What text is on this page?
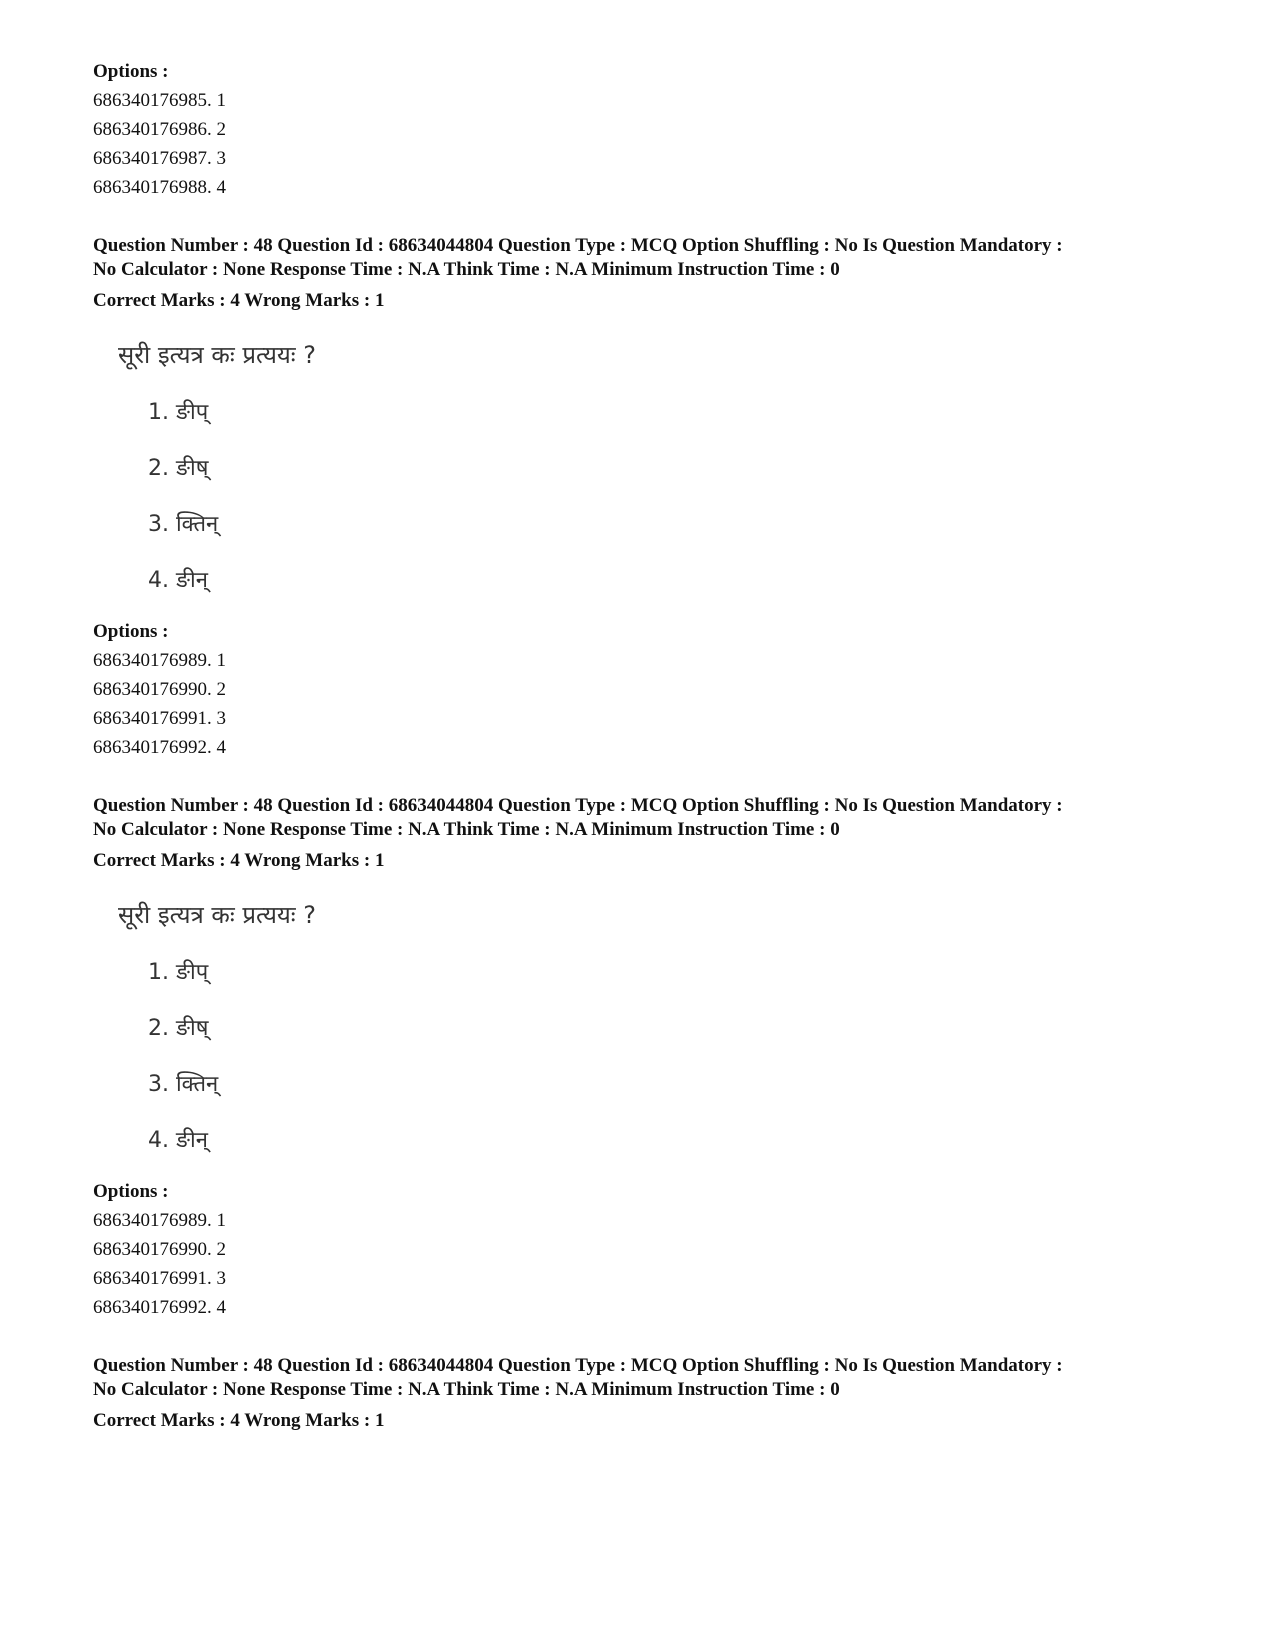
Options :
686340176985. 1
686340176986. 2
686340176987. 3
686340176988. 4
Question Number : 48 Question Id : 68634044804 Question Type : MCQ Option Shuffling : No Is Question Mandatory :
No Calculator : None Response Time : N.A Think Time : N.A Minimum Instruction Time : 0
Correct Marks : 4 Wrong Marks : 1
सूरी इत्यत्र कः प्रत्ययः ?
1. ङीप्
2. ङीष्
3. क्तिन्
4. ङीन्
Options :
686340176989. 1
686340176990. 2
686340176991. 3
686340176992. 4
Question Number : 48 Question Id : 68634044804 Question Type : MCQ Option Shuffling : No Is Question Mandatory :
No Calculator : None Response Time : N.A Think Time : N.A Minimum Instruction Time : 0
Correct Marks : 4 Wrong Marks : 1
सूरी इत्यत्र कः प्रत्ययः ?
1. ङीप्
2. ङीष्
3. क्तिन्
4. ङीन्
Options :
686340176989. 1
686340176990. 2
686340176991. 3
686340176992. 4
Question Number : 48 Question Id : 68634044804 Question Type : MCQ Option Shuffling : No Is Question Mandatory :
No Calculator : None Response Time : N.A Think Time : N.A Minimum Instruction Time : 0
Correct Marks : 4 Wrong Marks : 1
